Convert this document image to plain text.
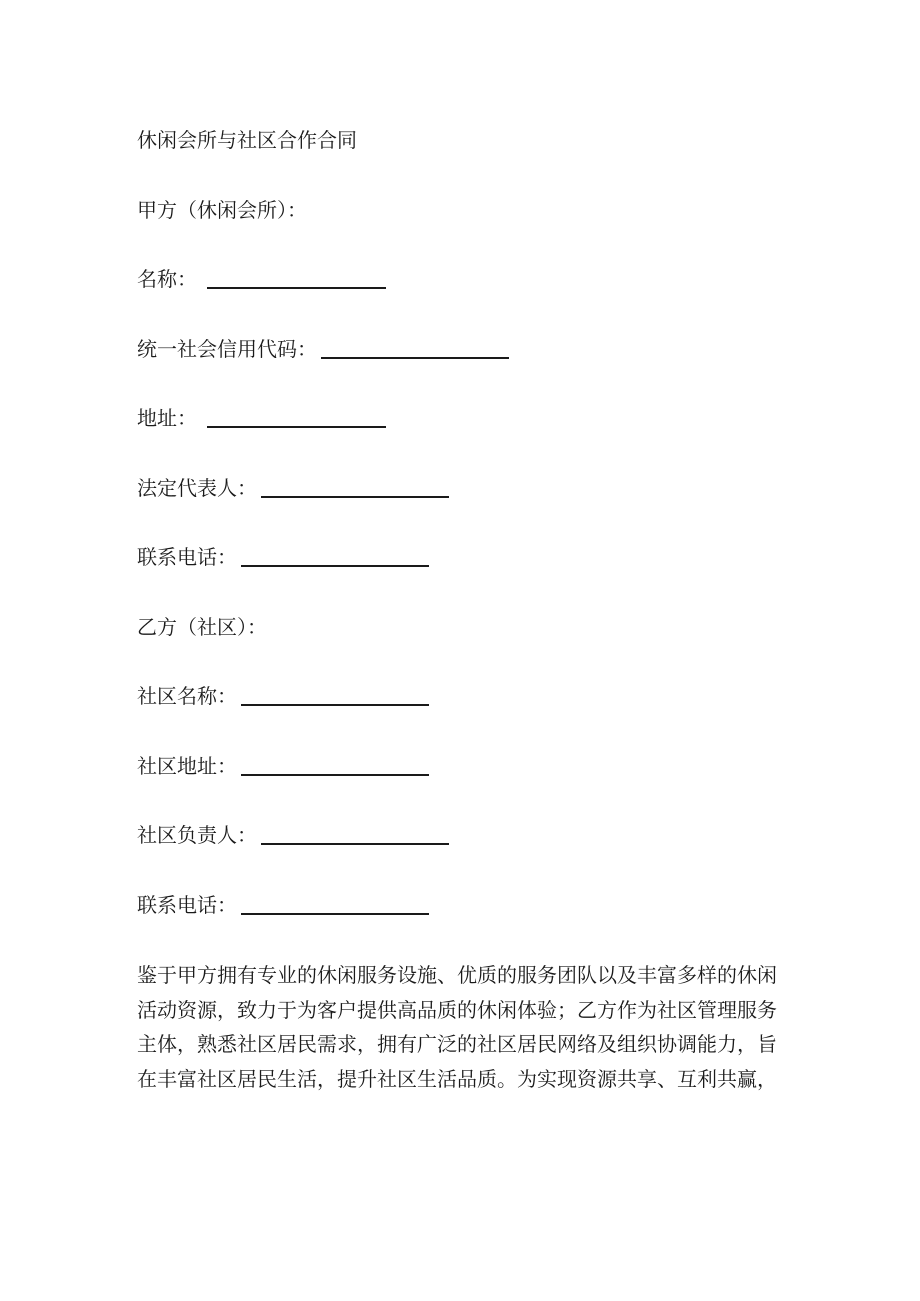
休闲会所与社区合作合同
甲方（休闲会所）：
名称：
统一社会信用代码：
地址：
法定代表人：
联系电话：
乙方（社区）：
社区名称：
社区地址：
社区负责人：
联系电话：
鉴于甲方拥有专业的休闲服务设施、优质的服务团队以及丰富多样的休闲
活动资源，致力于为客户提供高品质的休闲体验；乙方作为社区管理服务
主体，熟悉社区居民需求，拥有广泛的社区居民网络及组织协调能力，旨
在丰富社区居民生活，提升社区生活品质。为实现资源共享、互利共赢，
